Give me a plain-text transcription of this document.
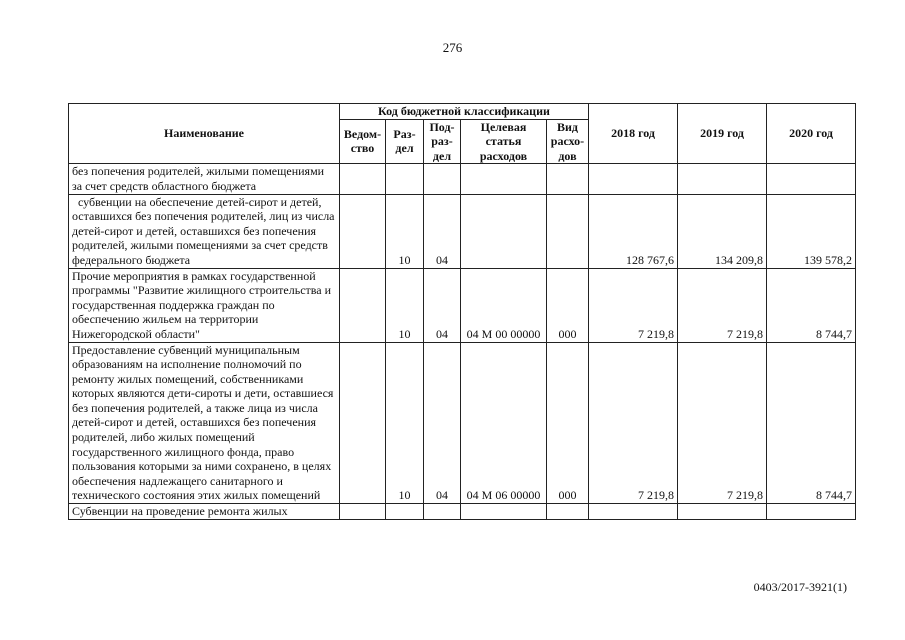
276
Наименование	Код бюджетной классификации					2018 год	2019 год	2020 год
	Ведом-ство	Раз-дел	Под-раз-дел	Целевая статья расходов	Вид расхо-дов			
без попечения родителей, жилыми помещениями за счет средств областного бюджета								
субвенции на обеспечение детей-сирот и детей, оставшихся без попечения родителей, лиц из числа детей-сирот и детей, оставшихся без попечения родителей, жилыми помещениями за счет средств федерального бюджета		10	04			128 767,6	134 209,8	139 578,2
Прочие мероприятия в рамках государственной программы "Развитие жилищного строительства и государственная поддержка граждан по обеспечению жильем на территории Нижегородской области"		10	04	04 М 00 00000	000	7 219,8	7 219,8	8 744,7
Предоставление субвенций муниципальным образованиям на исполнение полномочий по ремонту жилых помещений, собственниками которых являются дети-сироты и дети, оставшиеся без попечения родителей, а также лица из числа детей-сирот и детей, оставшихся без попечения родителей, либо жилых помещений государственного жилищного фонда, право пользования которыми за ними сохранено, в целях обеспечения надлежащего санитарного и технического состояния этих жилых помещений		10	04	04 М 06 00000	000	7 219,8	7 219,8	8 744,7
Субвенции на проведение ремонта жилых								
0403/2017-3921(1)
